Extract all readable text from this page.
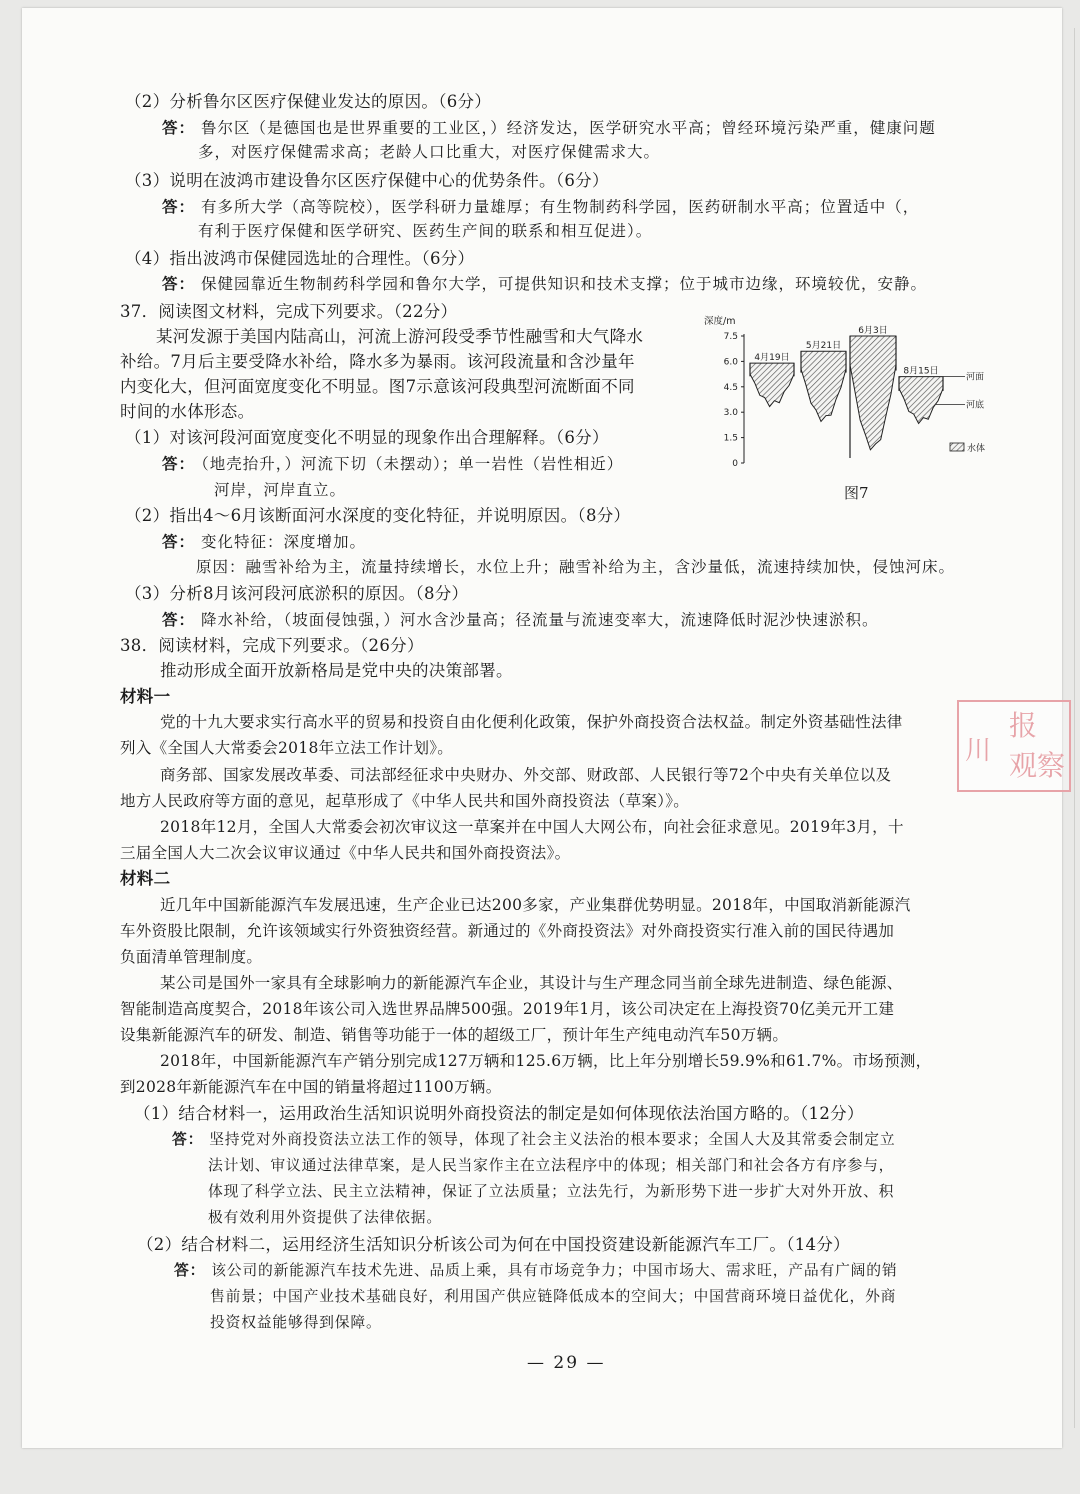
（2）分析鲁尔区医疗保健业发达的原因。（6分）
答： 鲁尔区（是德国也是世界重要的工业区，）经济发达，医学研究水平高；曾经环境污染严重，健康问题
多，对医疗保健需求高；老龄人口比重大，对医疗保健需求大。
（3）说明在波鸿市建设鲁尔区医疗保健中心的优势条件。（6分）
答： 有多所大学（高等院校），医学科研力量雄厚；有生物制药科学园，医药研制水平高；位置适中（，
有利于医疗保健和医学研究、医药生产间的联系和相互促进）。
（4）指出波鸿市保健园选址的合理性。（6分）
答： 保健园靠近生物制药科学园和鲁尔大学，可提供知识和技术支撑；位于城市边缘，环境较优，安静。
37．阅读图文材料，完成下列要求。（22分）
某河发源于美国内陆高山，河流上游河段受季节性融雪和大气降水
补给。7月后主要受降水补给，降水多为暴雨。该河段流量和含沙量年
内变化大，但河面宽度变化不明显。图7示意该河段典型河流断面不同
时间的水体形态。
（1）对该河段河面宽度变化不明显的现象作出合理解释。（6分）
答： （地壳抬升，）河流下切（未摆动）；单一岩性（岩性相近）
河岸，河岸直立。
（2）指出4～6月该断面河水深度的变化特征，并说明原因。（8分）
答： 变化特征：深度增加。
原因：融雪补给为主，流量持续增长，水位上升；融雪补给为主，含沙量低，流速持续加快，侵蚀河床。
（3）分析8月该河段河底淤积的原因。（8分）
答： 降水补给，（坡面侵蚀强，）河水含沙量高；径流量与流速变率大，流速降低时泥沙快速淤积。
深度/m
7.5
6.0
4.5
3.0
1.5
0
4月19日
5月21日
6月3日
8月15日
河面
河底
水体
图7
38．阅读材料，完成下列要求。（26分）
推动形成全面开放新格局是党中央的决策部署。
材料一
党的十九大要求实行高水平的贸易和投资自由化便利化政策，保护外商投资合法权益。制定外资基础性法律
列入《全国人大常委会2018年立法工作计划》。
商务部、国家发展改革委、司法部经征求中央财办、外交部、财政部、人民银行等72个中央有关单位以及
地方人民政府等方面的意见，起草形成了《中华人民共和国外商投资法（草案）》。
2018年12月，全国人大常委会初次审议这一草案并在中国人大网公布，向社会征求意见。2019年3月，十
三届全国人大二次会议审议通过《中华人民共和国外商投资法》。
材料二
近几年中国新能源汽车发展迅速，生产企业已达200多家，产业集群优势明显。2018年，中国取消新能源汽
车外资股比限制，允许该领域实行外资独资经营。新通过的《外商投资法》对外商投资实行准入前的国民待遇加
负面清单管理制度。
某公司是国外一家具有全球影响力的新能源汽车企业，其设计与生产理念同当前全球先进制造、绿色能源、
智能制造高度契合，2018年该公司入选世界品牌500强。2019年1月，该公司决定在上海投资70亿美元开工建
设集新能源汽车的研发、制造、销售等功能于一体的超级工厂，预计年生产纯电动汽车50万辆。
2018年，中国新能源汽车产销分别完成127万辆和125.6万辆，比上年分别增长59.9%和61.7%。市场预测，
到2028年新能源汽车在中国的销量将超过1100万辆。
（1）结合材料一，运用政治生活知识说明外商投资法的制定是如何体现依法治国方略的。（12分）
答： 坚持党对外商投资法立法工作的领导，体现了社会主义法治的根本要求；全国人大及其常委会制定立
法计划、审议通过法律草案，是人民当家作主在立法程序中的体现；相关部门和社会各方有序参与，
体现了科学立法、民主立法精神，保证了立法质量；立法先行，为新形势下进一步扩大对外开放、积
极有效利用外资提供了法律依据。
（2）结合材料二，运用经济生活知识分析该公司为何在中国投资建设新能源汽车工厂。（14分）
答： 该公司的新能源汽车技术先进、品质上乘，具有市场竞争力；中国市场大、需求旺，产品有广阔的销
售前景；中国产业技术基础良好，利用国产供应链降低成本的空间大；中国营商环境日益优化，外商
投资权益能够得到保障。
— 29 —
川
报
观 察
